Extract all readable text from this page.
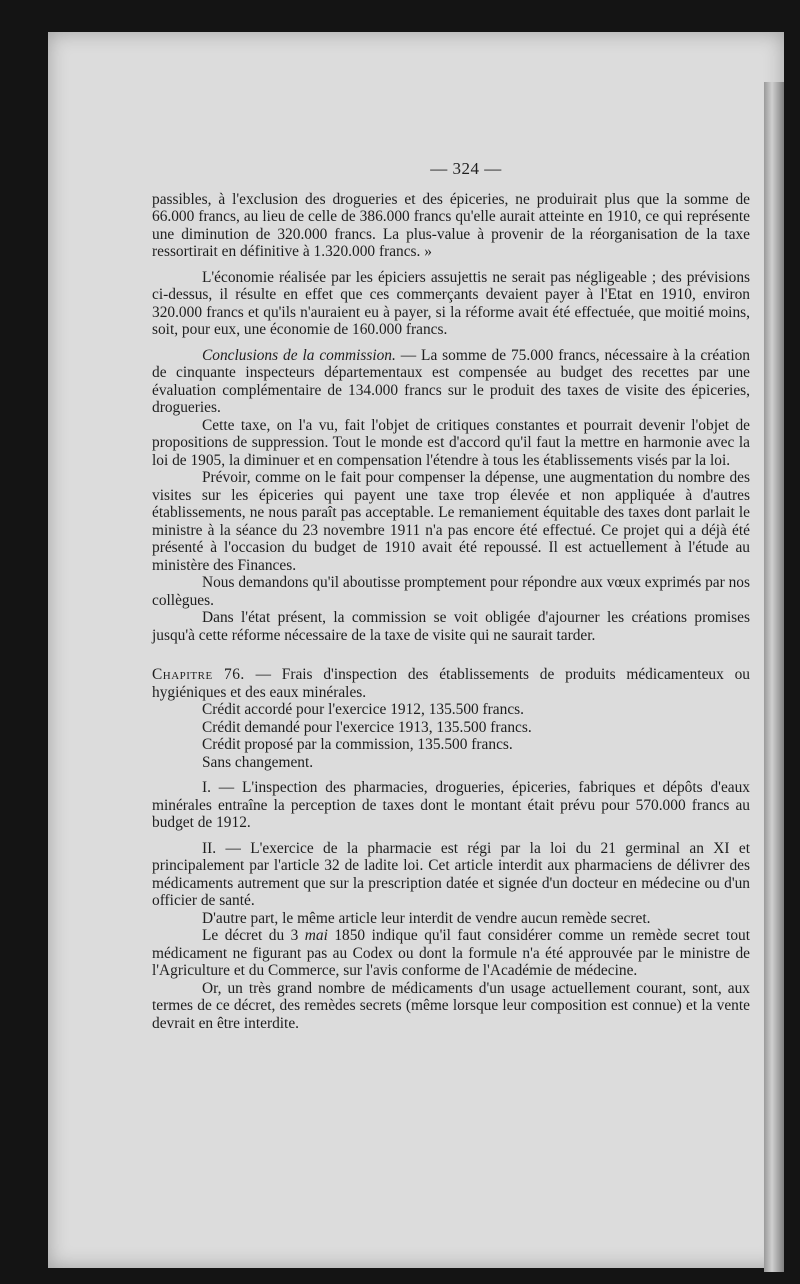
— 324 —

passibles, à l'exclusion des drogueries et des épiceries, ne produirait plus que la somme de 66.000 francs, au lieu de celle de 386.000 francs qu'elle aurait atteinte en 1910, ce qui représente une diminution de 320.000 francs. La plus-value à provenir de la réorganisation de la taxe ressortirait en définitive à 1.320.000 francs. »

L'économie réalisée par les épiciers assujettis ne serait pas négligeable ; des prévisions ci-dessus, il résulte en effet que ces commerçants devaient payer à l'Etat en 1910, environ 320.000 francs et qu'ils n'auraient eu à payer, si la réforme avait été effectuée, que moitié moins, soit, pour eux, une économie de 160.000 francs.

Conclusions de la commission. — La somme de 75.000 francs, nécessaire à la création de cinquante inspecteurs départementaux est compensée au budget des recettes par une évaluation complémentaire de 134.000 francs sur le produit des taxes de visite des épiceries, drogueries.

Cette taxe, on l'a vu, fait l'objet de critiques constantes et pourrait devenir l'objet de propositions de suppression. Tout le monde est d'accord qu'il faut la mettre en harmonie avec la loi de 1905, la diminuer et en compensation l'étendre à tous les établissements visés par la loi.

Prévoir, comme on le fait pour compenser la dépense, une augmentation du nombre des visites sur les épiceries qui payent une taxe trop élevée et non appliquée à d'autres établissements, ne nous paraît pas acceptable. Le remaniement équitable des taxes dont parlait le ministre à la séance du 23 novembre 1911 n'a pas encore été effectué. Ce projet qui a déjà été présenté à l'occasion du budget de 1910 avait été repoussé. Il est actuellement à l'étude au ministère des Finances.

Nous demandons qu'il aboutisse promptement pour répondre aux vœux exprimés par nos collègues.

Dans l'état présent, la commission se voit obligée d'ajourner les créations promises jusqu'à cette réforme nécessaire de la taxe de visite qui ne saurait tarder.

Chapitre 76. — Frais d'inspection des établissements de produits médicamenteux ou hygiéniques et des eaux minérales.

Crédit accordé pour l'exercice 1912, 135.500 francs.
Crédit demandé pour l'exercice 1913, 135.500 francs.
Crédit proposé par la commission, 135.500 francs.
Sans changement.

I. — L'inspection des pharmacies, drogueries, épiceries, fabriques et dépôts d'eaux minérales entraîne la perception de taxes dont le montant était prévu pour 570.000 francs au budget de 1912.

II. — L'exercice de la pharmacie est régi par la loi du 21 germinal an XI et principalement par l'article 32 de ladite loi. Cet article interdit aux pharmaciens de délivrer des médicaments autrement que sur la prescription datée et signée d'un docteur en médecine ou d'un officier de santé.

D'autre part, le même article leur interdit de vendre aucun remède secret.

Le décret du 3 mai 1850 indique qu'il faut considérer comme un remède secret tout médicament ne figurant pas au Codex ou dont la formule n'a été approuvée par le ministre de l'Agriculture et du Commerce, sur l'avis conforme de l'Académie de médecine.

Or, un très grand nombre de médicaments d'un usage actuellement courant, sont, aux termes de ce décret, des remèdes secrets (même lorsque leur composition est connue) et la vente devrait en être interdite.
